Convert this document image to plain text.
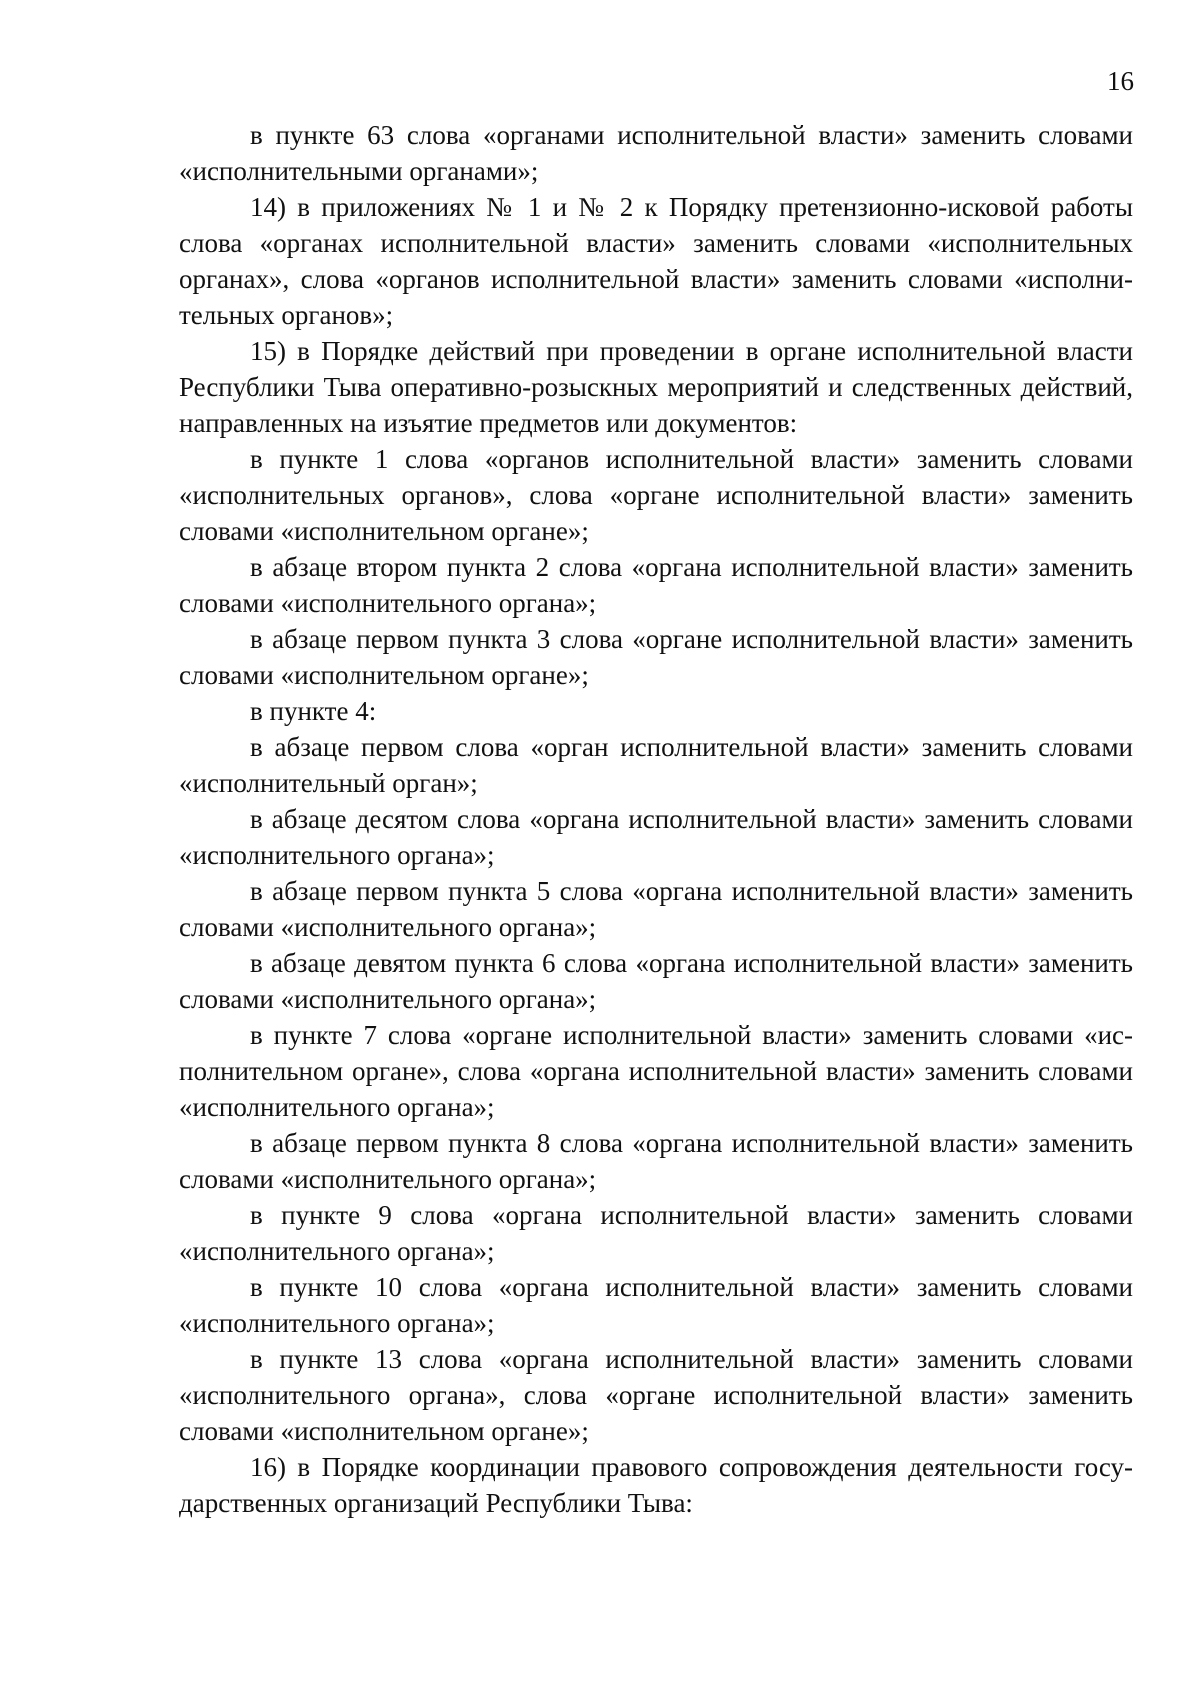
16

в пункте 63 слова «органами исполнительной власти» заменить словами «исполнительными органами»;

14) в приложениях № 1 и № 2 к Порядку претензионно-исковой работы слова «органах исполнительной власти» заменить словами «исполнительных органах», слова «органов исполнительной власти» заменить словами «исполнительных органов»;

15) в Порядке действий при проведении в органе исполнительной власти Республики Тыва оперативно-розыскных мероприятий и следственных действий, направленных на изъятие предметов или документов:

в пункте 1 слова «органов исполнительной власти» заменить словами «исполнительных органов», слова «органе исполнительной власти» заменить словами «исполнительном органе»;

в абзаце втором пункта 2 слова «органа исполнительной власти» заменить словами «исполнительного органа»;

в абзаце первом пункта 3 слова «органе исполнительной власти» заменить словами «исполнительном органе»;

в пункте 4:

в абзаце первом слова «орган исполнительной власти» заменить словами «исполнительный орган»;

в абзаце десятом слова «органа исполнительной власти» заменить словами «исполнительного органа»;

в абзаце первом пункта 5 слова «органа исполнительной власти» заменить словами «исполнительного органа»;

в абзаце девятом пункта 6 слова «органа исполнительной власти» заменить словами «исполнительного органа»;

в пункте 7 слова «органе исполнительной власти» заменить словами «исполнительном органе», слова «органа исполнительной власти» заменить словами «исполнительного органа»;

в абзаце первом пункта 8 слова «органа исполнительной власти» заменить словами «исполнительного органа»;

в пункте 9 слова «органа исполнительной власти» заменить словами «исполнительного органа»;

в пункте 10 слова «органа исполнительной власти» заменить словами «исполнительного органа»;

в пункте 13 слова «органа исполнительной власти» заменить словами «исполнительного органа», слова «органе исполнительной власти» заменить словами «исполнительном органе»;

16) в Порядке координации правового сопровождения деятельности государственных организаций Республики Тыва:
